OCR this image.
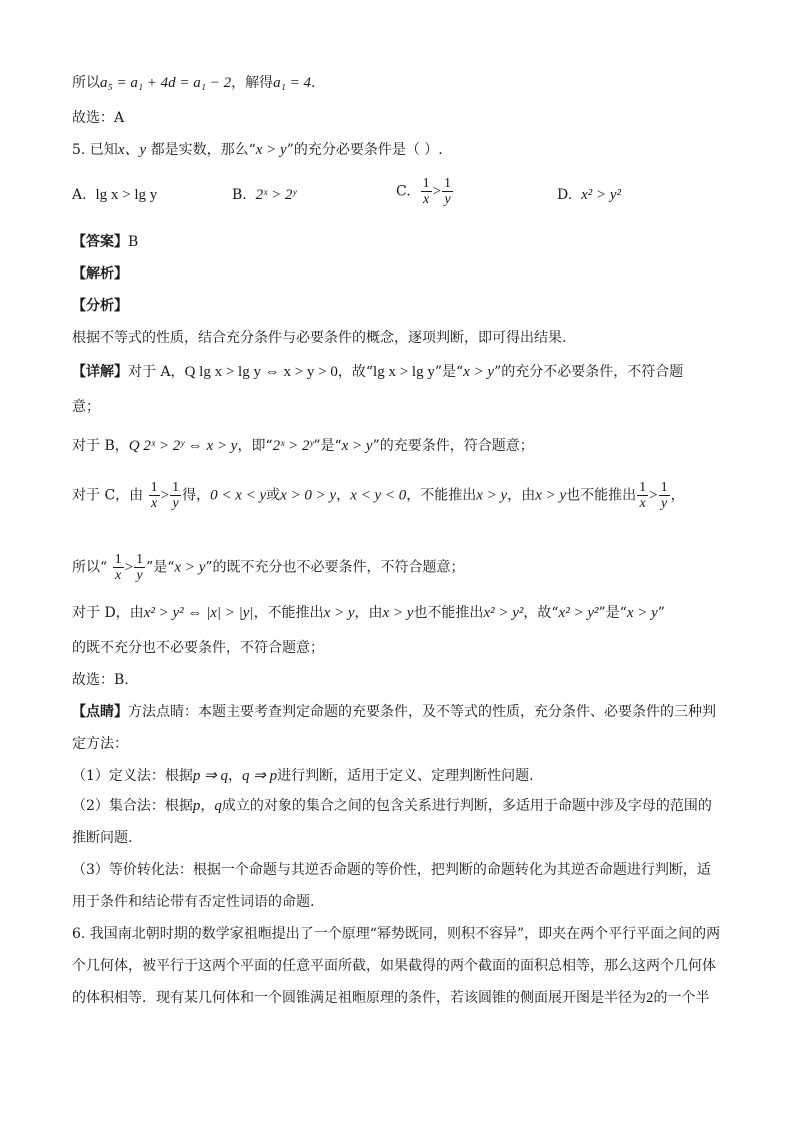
所以a₅ = a₁ + 4d = a₁ − 2，解得a₁ = 4.
故选：A
5. 已知x、y 都是实数，那么“x > y”的充分必要条件是（ ）.
A. lg x > lg y	B. 2ˣ > 2ʸ	C. $\frac{1}{x} > \frac{1}{y}$	D. x² > y²
【答案】B
【解析】
【分析】
根据不等式的性质，结合充分条件与必要条件的概念，逐项判断，即可得出结果.
【详解】对于 A，Q lg x > lg y ⇔ x > y > 0，故“lg x > lg y”是“x > y”的充分不必要条件，不符合题
意；
对于 B，Q 2ˣ > 2ʸ ⇔ x > y，即“2ˣ > 2ʸ”是“x > y”的充要条件，符合题意；
对于 C，由 $\frac{1}{x} > \frac{1}{y}$ 得，0 < x < y或x > 0 > y，x < y < 0，不能推出x > y，由x > y也不能推出 $\frac{1}{x} > \frac{1}{y}$ ，
所以“ $\frac{1}{x} > \frac{1}{y}$ ”是“x > y”的既不充分也不必要条件，不符合题意；
对于 D，由x² > y² ⇔ |x| > |y|，不能推出x > y，由x > y也不能推出x² > y²，故“x² > y²”是“x > y”
的既不充分也不必要条件，不符合题意；
故选：B.
【点睛】方法点睛：本题主要考查判定命题的充要条件，及不等式的性质，充分条件、必要条件的三种判
定方法：
（1）定义法：根据p ⇒ q，q ⇒ p进行判断，适用于定义、定理判断性问题.
（2）集合法：根据p，q成立的对象的集合之间的包含关系进行判断，多适用于命题中涉及字母的范围的
推断问题.
（3）等价转化法：根据一个命题与其逆否命题的等价性，把判断的命题转化为其逆否命题进行判断，适
用于条件和结论带有否定性词语的命题.
6. 我国南北朝时期的数学家祖暅提出了一个原理“幂势既同，则积不容异”，即夹在两个平行平面之间的两
个几何体，被平行于这两个平面的任意平面所截，如果截得的两个截面的面积总相等，那么这两个几何体
的体积相等．现有某几何体和一个圆锥满足祖暅原理的条件，若该圆锥的侧面展开图是半径为2的一个半
